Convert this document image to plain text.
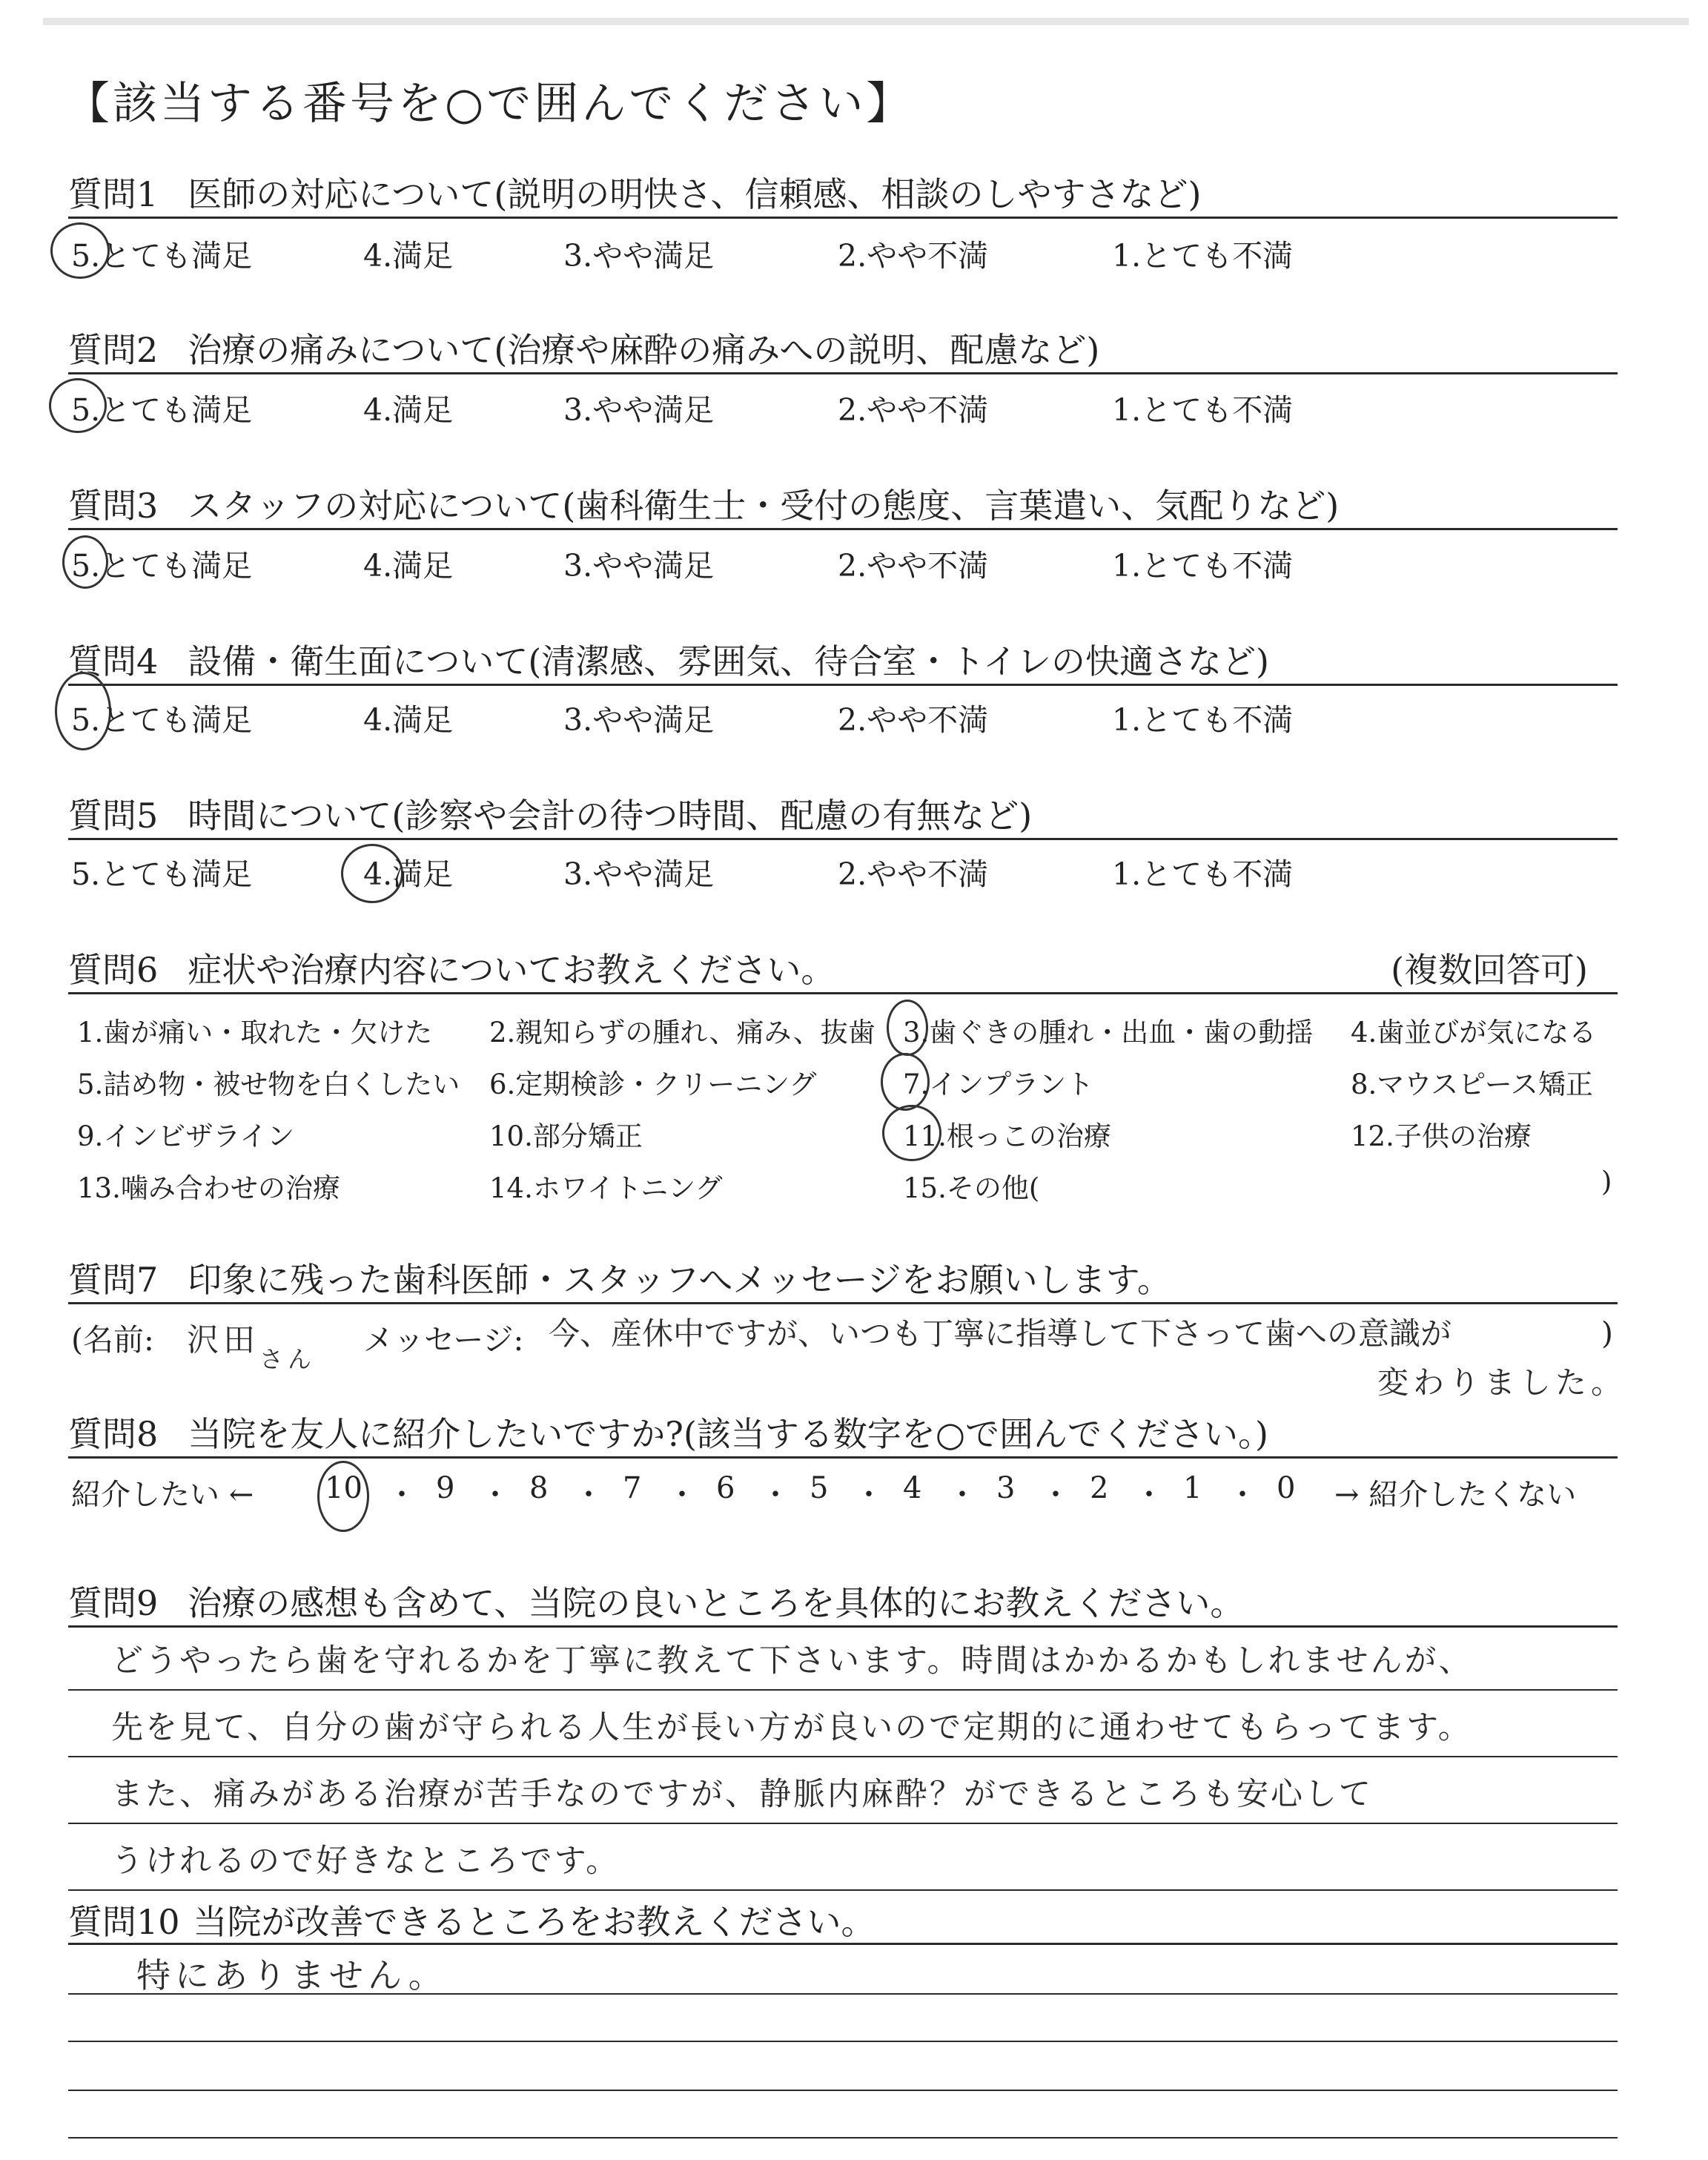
【該当する番号を○で囲んでください】
質問1 医師の対応について(説明の明快さ、信頼感、相談のしやすさなど)
5.とても満足	4.満足	3.やや満足	2.やや不満	1.とても不満
質問2 治療の痛みについて(治療や麻酔の痛みへの説明、配慮など)
5.とても満足	4.満足	3.やや満足	2.やや不満	1.とても不満
質問3 スタッフの対応について(歯科衛生士・受付の態度、言葉遣い、気配りなど)
5.とても満足	4.満足	3.やや満足	2.やや不満	1.とても不満
質問4 設備・衛生面について(清潔感、雰囲気、待合室・トイレの快適さなど)
5.とても満足	4.満足	3.やや満足	2.やや不満	1.とても不満
質問5 時間について(診察や会計の待つ時間、配慮の有無など)
5.とても満足	4.満足	3.やや満足	2.やや不満	1.とても不満
質問6 症状や治療内容についてお教えください。	(複数回答可)
1.歯が痛い・取れた・欠けた 2.親知らずの腫れ、痛み、抜歯 3.歯ぐきの腫れ・出血・歯の動揺 4.歯並びが気になる
5.詰め物・被せ物を白くしたい 6.定期検診・クリーニング	7.インプラント	8.マウスピース矯正
9.インビザライン	10.部分矯正	11.根っこの治療	12.子供の治療
13.噛み合わせの治療	14.ホワイトニング	15.その他(	)
質問7 印象に残った歯科医師・スタッフへメッセージをお願いします。
(名前: 沢田 さん
メッセージ: 今、産休中ですが、いつも丁寧に指導して下さって歯への意識が
変わりました。
)
質問8 当院を友人に紹介したいですか?(該当する数字を○で囲んでください。)
紹介したい ← 10 ・ 9 ・ 8 ・ 7 ・ 6 ・ 5 ・ 4 ・ 3 ・ 2 ・ 1 ・ 0 → 紹介したくない
質問9 治療の感想も含めて、当院の良いところを具体的にお教えください。
どうやったら歯を守れるかを丁寧に教えて下さいます。時間はかかるかもしれませんが、
先を見て、自分の歯が守られる人生が長い方が良いので定期的に通わせてもらってます。
また、痛みがある治療が苦手なのですが、静脈内麻酔？ができるところも安心して
うけれるので好きなところです。
質問10 当院が改善できるところをお教えください。
特にありません。
